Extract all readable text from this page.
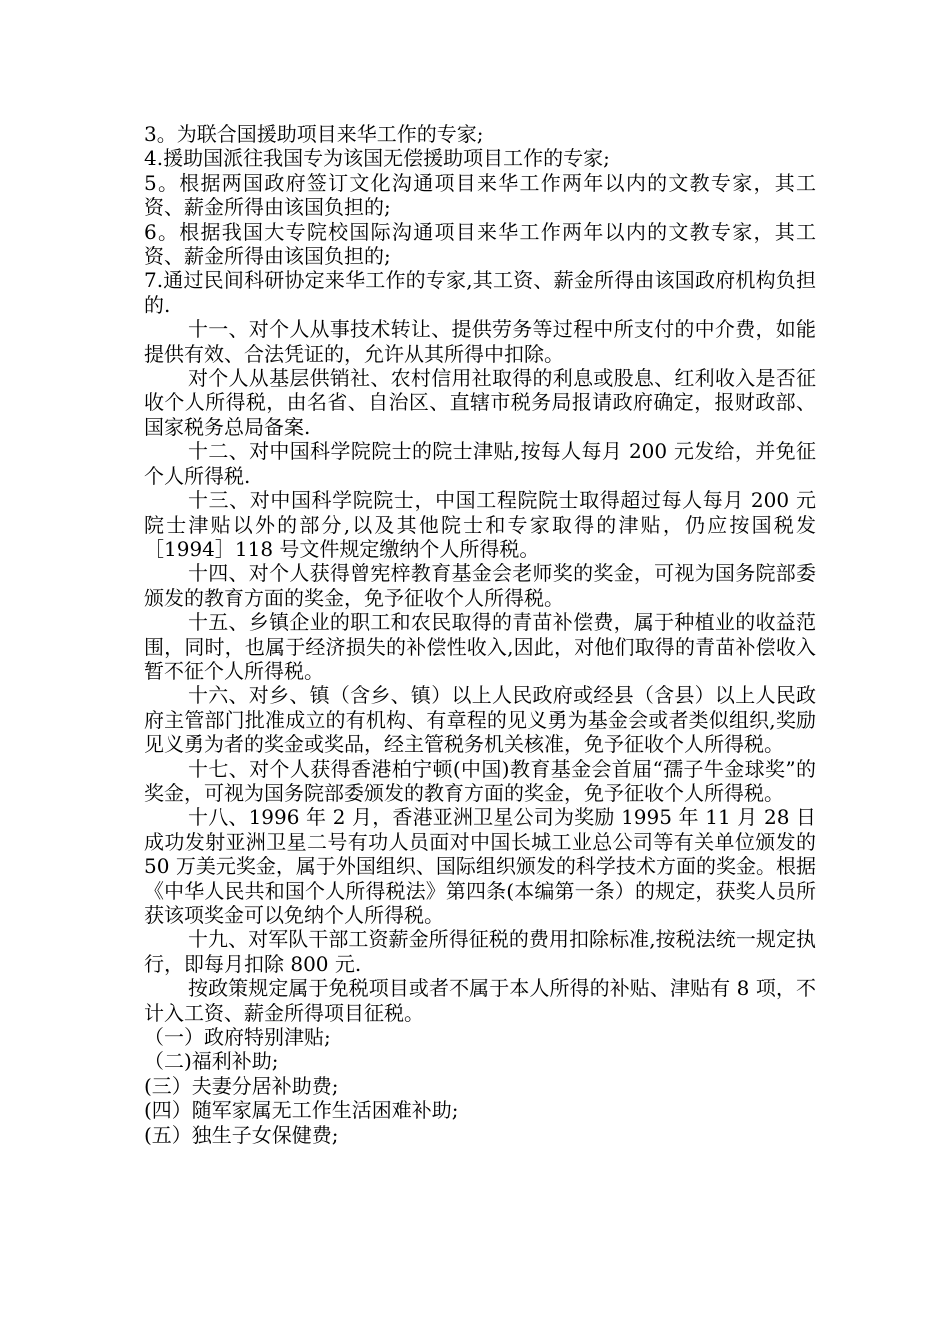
3。为联合国援助项目来华工作的专家;

4.援助国派往我国专为该国无偿援助项目工作的专家;

5。根据两国政府签订文化沟通项目来华工作两年以内的文教专家，其工资、薪金所得由该国负担的;

6。根据我国大专院校国际沟通项目来华工作两年以内的文教专家，其工资、薪金所得由该国负担的;

7.通过民间科研协定来华工作的专家,其工资、薪金所得由该国政府机构负担的.

十一、对个人从事技术转让、提供劳务等过程中所支付的中介费，如能提供有效、合法凭证的，允许从其所得中扣除。

对个人从基层供销社、农村信用社取得的利息或股息、红利收入是否征收个人所得税，由名省、自治区、直辖市税务局报请政府确定，报财政部、国家税务总局备案.

十二、对中国科学院院士的院士津贴,按每人每月 200 元发给，并免征个人所得税.

十三、对中国科学院院士，中国工程院院士取得超过每人每月 200 元院士津贴以外的部分,以及其他院士和专家取得的津贴，仍应按国税发［1994］118 号文件规定缴纳个人所得税。

十四、对个人获得曾宪梓教育基金会老师奖的奖金，可视为国务院部委颁发的教育方面的奖金，免予征收个人所得税。

十五、乡镇企业的职工和农民取得的青苗补偿费，属于种植业的收益范围，同时，也属于经济损失的补偿性收入,因此，对他们取得的青苗补偿收入暂不征个人所得税。

十六、对乡、镇（含乡、镇）以上人民政府或经县（含县）以上人民政府主管部门批准成立的有机构、有章程的见义勇为基金会或者类似组织,奖励见义勇为者的奖金或奖品，经主管税务机关核准，免予征收个人所得税。

十七、对个人获得香港柏宁顿(中国)教育基金会首届“孺子牛金球奖”的奖金，可视为国务院部委颁发的教育方面的奖金，免予征收个人所得税。

十八、1996 年 2 月，香港亚洲卫星公司为奖励 1995 年 11 月 28 日成功发射亚洲卫星二号有功人员面对中国长城工业总公司等有关单位颁发的 50 万美元奖金，属于外国组织、国际组织颁发的科学技术方面的奖金。根据《中华人民共和国个人所得税法》第四条(本编第一条）的规定，获奖人员所获该项奖金可以免纳个人所得税。

十九、对军队干部工资薪金所得征税的费用扣除标准,按税法统一规定执行，即每月扣除 800 元.

按政策规定属于免税项目或者不属于本人所得的补贴、津贴有 8 项，不计入工资、薪金所得项目征税。

（一）政府特别津贴;

（二)福利补助;

(三）夫妻分居补助费;

(四）随军家属无工作生活困难补助;

(五）独生子女保健费;
